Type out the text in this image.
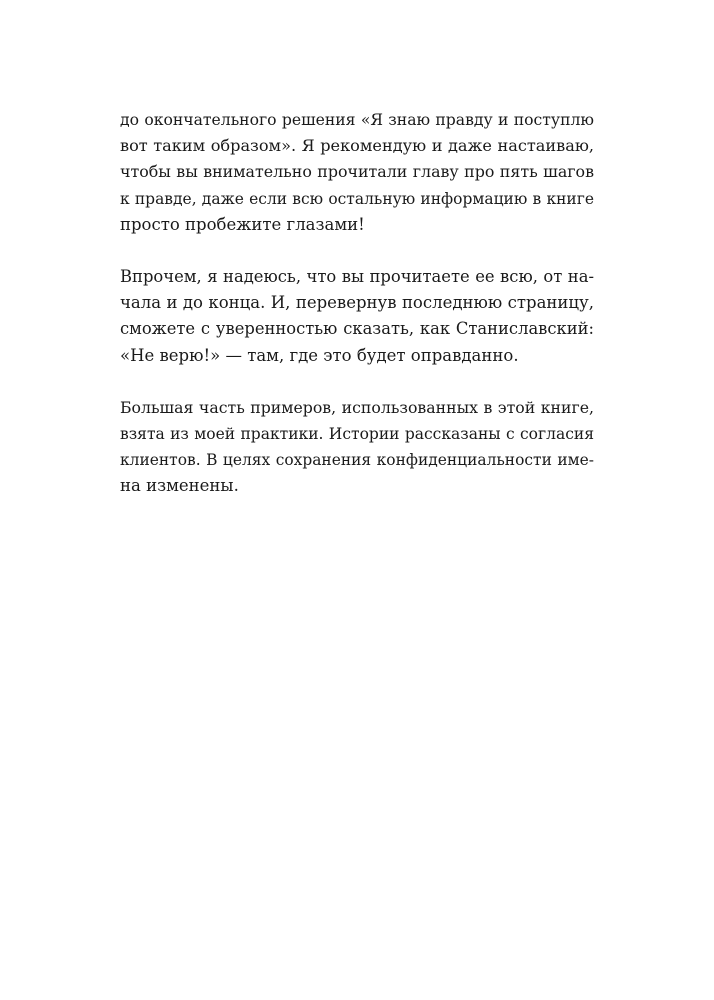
до окончательного решения «Я знаю правду и поступлю
вот таким образом». Я рекомендую и даже настаиваю,
чтобы вы внимательно прочитали главу про пять шагов
к правде, даже если всю остальную информацию в книге
просто пробежите глазами!

Впрочем, я надеюсь, что вы прочитаете ее всю, от на-
чала и до конца. И, перевернув последнюю страницу,
сможете с уверенностью сказать, как Станиславский:
«Не верю!» — там, где это будет оправданно.

Большая часть примеров, использованных в этой книге,
взята из моей практики. Истории рассказаны с согласия
клиентов. В целях сохранения конфиденциальности име-
на изменены.
